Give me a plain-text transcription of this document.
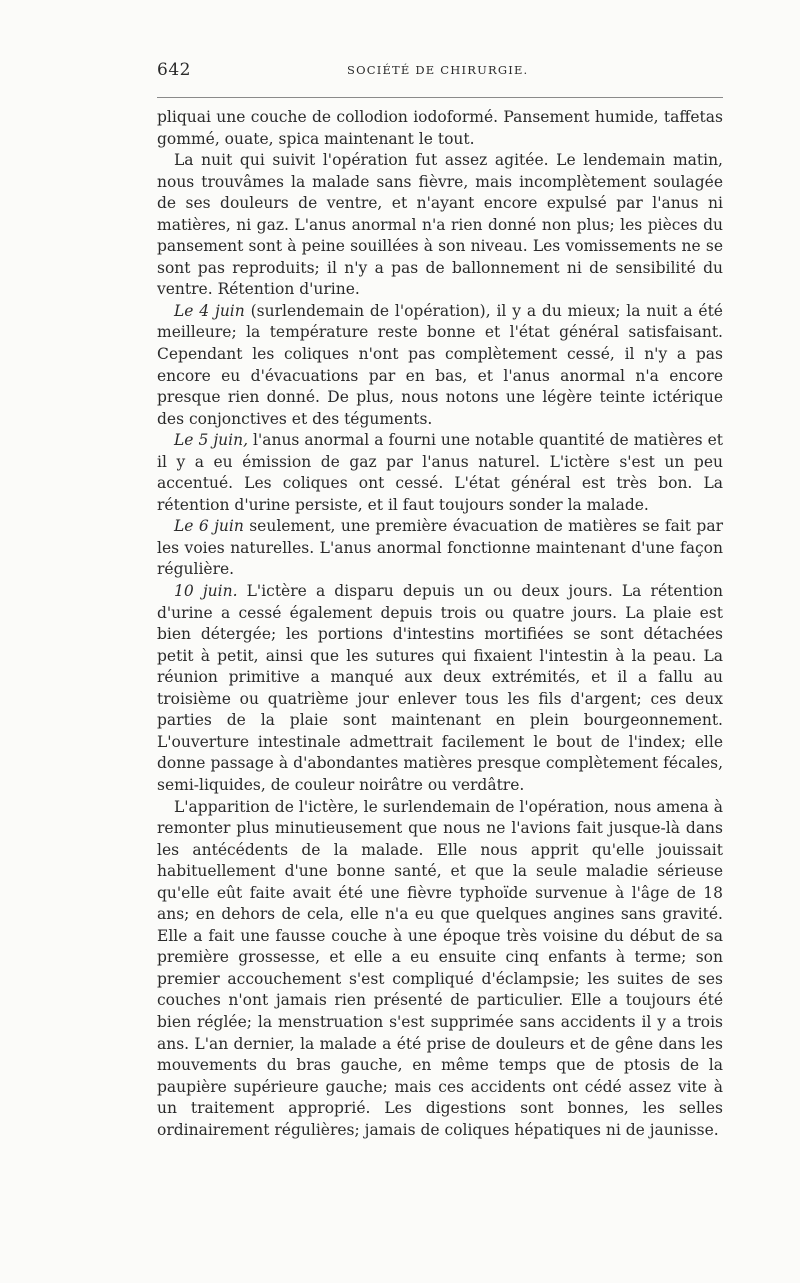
642	SOCIÉTÉ DE CHIRURGIE.

pliquai une couche de collodion iodoformé. Pansement humide, taffetas gommé, ouate, spica maintenant le tout.

La nuit qui suivit l'opération fut assez agitée. Le lendemain matin, nous trouvâmes la malade sans fièvre, mais incomplètement soulagée de ses douleurs de ventre, et n'ayant encore expulsé par l'anus ni matières, ni gaz. L'anus anormal n'a rien donné non plus; les pièces du pansement sont à peine souillées à son niveau. Les vomissements ne se sont pas reproduits; il n'y a pas de ballonnement ni de sensibilité du ventre. Rétention d'urine.

Le 4 juin (surlendemain de l'opération), il y a du mieux; la nuit a été meilleure; la température reste bonne et l'état général satisfaisant. Cependant les coliques n'ont pas complètement cessé, il n'y a pas encore eu d'évacuations par en bas, et l'anus anormal n'a encore presque rien donné. De plus, nous notons une légère teinte ictérique des conjonctives et des téguments.

Le 5 juin, l'anus anormal a fourni une notable quantité de matières et il y a eu émission de gaz par l'anus naturel. L'ictère s'est un peu accentué. Les coliques ont cessé. L'état général est très bon. La rétention d'urine persiste, et il faut toujours sonder la malade.

Le 6 juin seulement, une première évacuation de matières se fait par les voies naturelles. L'anus anormal fonctionne maintenant d'une façon régulière.

10 juin. L'ictère a disparu depuis un ou deux jours. La rétention d'urine a cessé également depuis trois ou quatre jours. La plaie est bien détergée; les portions d'intestins mortifiées se sont détachées petit à petit, ainsi que les sutures qui fixaient l'intestin à la peau. La réunion primitive a manqué aux deux extrémités, et il a fallu au troisième ou quatrième jour enlever tous les fils d'argent; ces deux parties de la plaie sont maintenant en plein bourgeonnement. L'ouverture intestinale admettrait facilement le bout de l'index; elle donne passage à d'abondantes matières presque complètement fécales, semi-liquides, de couleur noirâtre ou verdâtre.

L'apparition de l'ictère, le surlendemain de l'opération, nous amena à remonter plus minutieusement que nous ne l'avions fait jusque-là dans les antécédents de la malade. Elle nous apprit qu'elle jouissait habituellement d'une bonne santé, et que la seule maladie sérieuse qu'elle eût faite avait été une fièvre typhoïde survenue à l'âge de 18 ans; en dehors de cela, elle n'a eu que quelques angines sans gravité. Elle a fait une fausse couche à une époque très voisine du début de sa première grossesse, et elle a eu ensuite cinq enfants à terme; son premier accouchement s'est compliqué d'éclampsie; les suites de ses couches n'ont jamais rien présenté de particulier. Elle a toujours été bien réglée; la menstruation s'est supprimée sans accidents il y a trois ans. L'an dernier, la malade a été prise de douleurs et de gêne dans les mouvements du bras gauche, en même temps que de ptosis de la paupière supérieure gauche; mais ces accidents ont cédé assez vite à un traitement approprié. Les digestions sont bonnes, les selles ordinairement régulières; jamais de coliques hépatiques ni de jaunisse.
